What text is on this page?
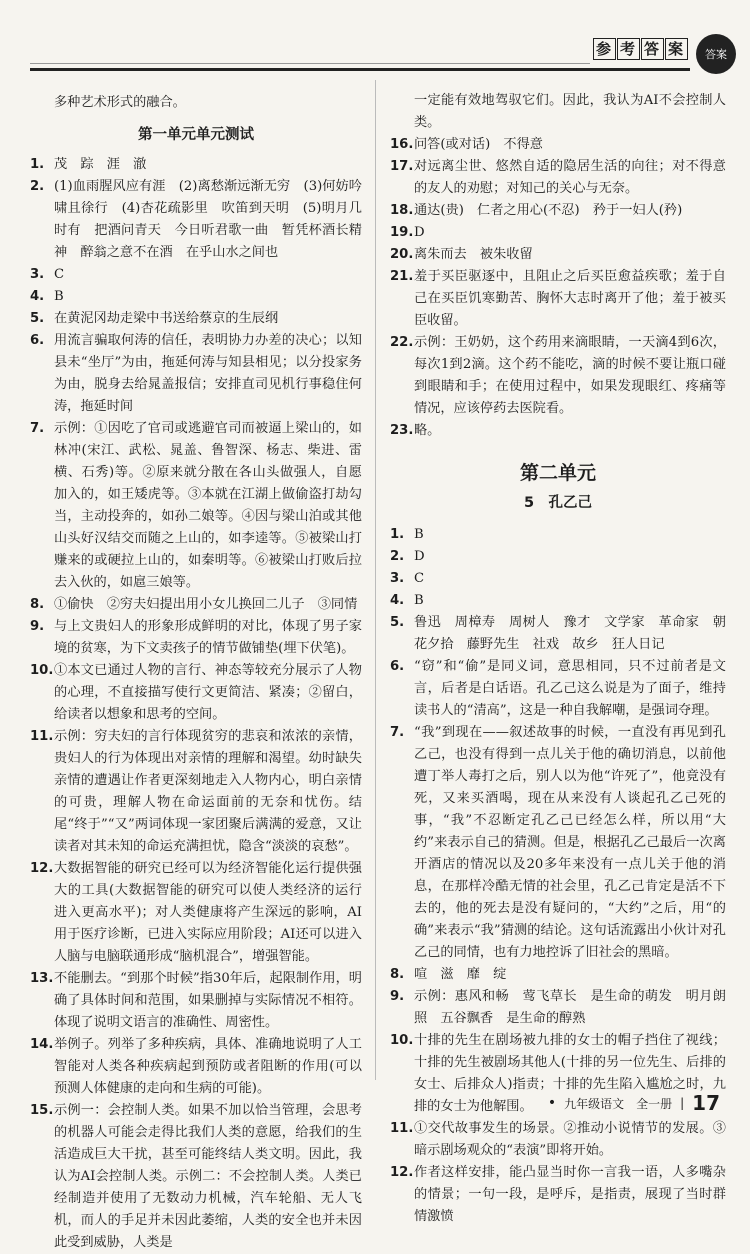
参 考 答 案 答案
多种艺术形式的融合。
第一单元单元测试
1. 茂　踪　涯　澈
2. (1)血雨腥风应有涯　(2)离愁渐远渐无穷　(3)何妨吟啸且徐行　(4)杏花疏影里　吹笛到天明　(5)明月几时有　把酒问青天　今日听君歌一曲　暂凭杯酒长精神　醉翁之意不在酒　在乎山水之间也
3. C
4. B
5. 在黄泥冈劫走梁中书送给蔡京的生辰纲
6. 用流言骗取何涛的信任，表明协力办差的决心；以知县未“坐厅”为由，拖延何涛与知县相见；以分投家务为由，脱身去给晁盖报信；安排直司见机行事稳住何涛，拖延时间
7. 示例：①因吃了官司或逃避官司而被逼上梁山的，如林冲(宋江、武松、晁盖、鲁智深、杨志、柴进、雷横、石秀)等。②原来就分散在各山头做强人，自愿加入的，如王矮虎等。③本就在江湖上做偷盗打劫勾当，主动投奔的，如孙二娘等。④因与梁山泊或其他山头好汉结交而随之上山的，如李逵等。⑤被梁山打赚来的或硬拉上山的，如秦明等。⑥被梁山打败后拉去入伙的，如扈三娘等。
8. ①偷快　②穷夫妇提出用小女儿换回二儿子　③同情
9. 与上文贵妇人的形象形成鲜明的对比，体现了男子家境的贫寒，为下文卖孩子的情节做铺垫(埋下伏笔)。
10. ①本文已通过人物的言行、神态等较充分展示了人物的心理，不直接描写使行文更简洁、紧凑；②留白，给读者以想象和思考的空间。
11. 示例：穷夫妇的言行体现贫穷的悲哀和浓浓的亲情，贵妇人的行为体现出对亲情的理解和渴望。幼时缺失亲情的遭遇让作者更深刻地走入人物内心，明白亲情的可贵，理解人物在命运面前的无奈和忧伤。结尾“终于”“又”两词体现一家团聚后满满的爱意，又让读者对其未知的命运充满担忧，隐含“淡淡的哀愁”。
12. 大数据智能的研究已经可以为经济智能化运行提供强大的工具(大数据智能的研究可以使人类经济的运行进入更高水平)；对人类健康将产生深远的影响，AI用于医疗诊断，已进入实际应用阶段；AI还可以进入人脑与电脑联通形成“脑机混合”，增强智能。
13. 不能删去。“到那个时候”指30年后，起限制作用，明确了具体时间和范围，如果删掉与实际情况不相符。体现了说明文语言的准确性、周密性。
14. 举例子。列举了多种疾病，具体、准确地说明了人工智能对人类各种疾病起到预防或者阻断的作用(可以预测人体健康的走向和生病的可能)。
15. 示例一：会控制人类。如果不加以恰当管理，会思考的机器人可能会走得比我们人类的意愿，给我们的生活造成巨大干扰，甚至可能终结人类文明。因此，我认为AI会控制人类。示例二：不会控制人类。人类已经制造并使用了无数动力机械，汽车轮船、无人飞机，而人的手足并未因此萎缩，人类的安全也并未因此受到威胁，人类是
一定能有效地驾驭它们。因此，我认为AI不会控制人类。
16. 问答(或对话)　不得意
17. 对远离尘世、悠然自适的隐居生活的向往；对不得意的友人的劝慰；对知己的关心与无奈。
18. 通达(贵)　仁者之用心(不忍)　矜于一妇人(矜)
19. D
20. 离朱而去　被朱收留
21. 羞于买臣驱逐中，且阻止之后买臣愈益疾歌；羞于自己在买臣饥寒勤苦、胸怀大志时离开了他；羞于被买臣收留。
22. 示例：王奶奶，这个药用来滴眼睛，一天滴4到6次，每次1到2滴。这个药不能吃，滴的时候不要让瓶口碰到眼睛和手；在使用过程中，如果发现眼红、疼痛等情况，应该停药去医院看。
23. 略。
第二单元
5　孔乙己
1. B
2. D
3. C
4. B
5. 鲁迅　周樟寿　周树人　豫才　文学家　革命家　朝花夕拾　藤野先生　社戏　故乡　狂人日记
6. “窃”和“偷”是同义词，意思相同，只不过前者是文言，后者是白话语。孔乙己这么说是为了面子，维持读书人的“清高”，这是一种自我解嘲，是强词夺理。
7. “我”到现在——叙述故事的时候，一直没有再见到孔乙己，也没有得到一点儿关于他的确切消息，以前他遭丁举人毒打之后，别人以为他“许死了”，他竟没有死，又来买酒喝，现在从来没有人谈起孔乙己死的事，“我”不忍断定孔乙己已经怎么样，所以用“大约”来表示自己的猜测。但是，根据孔乙己最后一次离开酒店的情况以及20多年来没有一点儿关于他的消息，在那样冷酷无情的社会里，孔乙己肯定是活不下去的，他的死去是没有疑问的，“大约”之后，用“的确”来表示“我”猜测的结论。这句话流露出小伙计对孔乙己的同情，也有力地控诉了旧社会的黑暗。
8. 喧　滋　靡　绽
9. 示例：惠风和畅　莺飞草长　是生命的萌发　明月朗照　五谷飘香　是生命的醇熟
10. 十排的先生在剧场被九排的女士的帽子挡住了视线；十排的先生被剧场其他人(十排的另一位先生、后排的女士、后排众人)指责；十排的先生陷入尴尬之时，九排的女士为他解围。
11. ①交代故事发生的场景。②推动小说情节的发展。③暗示剧场观众的“表演”即将开始。
12. 作者这样安排，能凸显当时你一言我一语，人多嘴杂的情景；一句一段，是呼斥，是指责，展现了当时群情激愤
• 九年级语文　全一册 | 17
